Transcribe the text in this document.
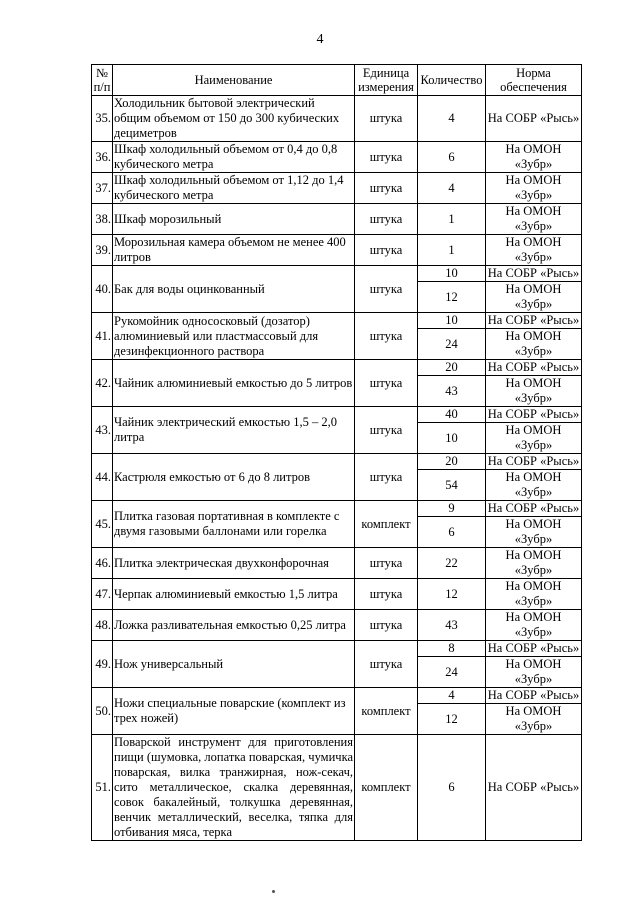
4
№ п/п	Наименование	Единица измерения	Количество	Норма обеспечения
35.	Холодильник бытовой электрический общим объемом от 150 до 300 кубических дециметров	штука	4	На СОБР «Рысь»
36.	Шкаф холодильный объемом от 0,4 до 0,8 кубического метра	штука	6	На ОМОН «Зубр»
37.	Шкаф холодильный объемом от 1,12 до 1,4 кубического метра	штука	4	На ОМОН «Зубр»
38.	Шкаф морозильный	штука	1	На ОМОН «Зубр»
39.	Морозильная камера объемом не менее 400 литров	штука	1	На ОМОН «Зубр»
40.	Бак для воды оцинкованный	штука	10	На СОБР «Рысь»
			12	На ОМОН «Зубр»
41.	Рукомойник однососковый (дозатор) алюминиевый или пластмассовый для дезинфекционного раствора	штука	10	На СОБР «Рысь»
			24	На ОМОН «Зубр»
42.	Чайник алюминиевый емкостью до 5 литров	штука	20	На СОБР «Рысь»
			43	На ОМОН «Зубр»
43.	Чайник электрический емкостью 1,5 – 2,0 литра	штука	40	На СОБР «Рысь»
			10	На ОМОН «Зубр»
44.	Кастрюля емкостью от 6 до 8 литров	штука	20	На СОБР «Рысь»
			54	На ОМОН «Зубр»
45.	Плитка газовая портативная в комплекте с двумя газовыми баллонами или горелка	комплект	9	На СОБР «Рысь»
			6	На ОМОН «Зубр»
46.	Плитка электрическая двухконфорочная	штука	22	На ОМОН «Зубр»
47.	Черпак алюминиевый емкостью 1,5 литра	штука	12	На ОМОН «Зубр»
48.	Ложка разливательная емкостью 0,25 литра	штука	43	На ОМОН «Зубр»
49.	Нож универсальный	штука	8	На СОБР «Рысь»
			24	На ОМОН «Зубр»
50.	Ножи специальные поварские (комплект из трех ножей)	комплект	4	На СОБР «Рысь»
			12	На ОМОН «Зубр»
51.	Поварской инструмент для приготовления пищи (шумовка, лопатка поварская, чумичка поварская, вилка транжирная, нож-секач, сито металлическое, скалка деревянная, совок бакалейный, толкушка деревянная, венчик металлический, веселка, тяпка для отбивания мяса, терка	комплект	6	На СОБР «Рысь»
